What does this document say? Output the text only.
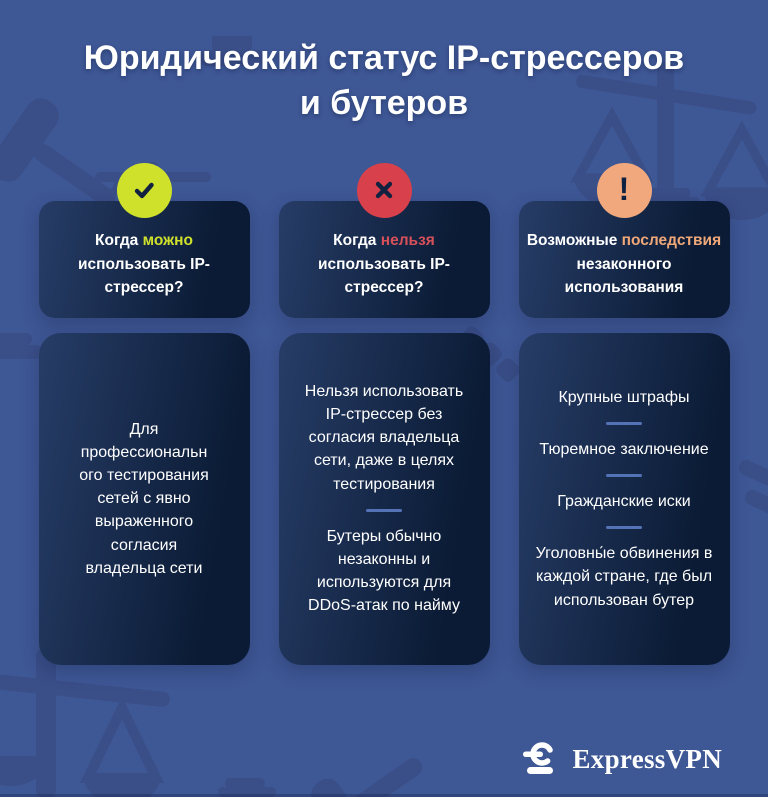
Юридический статус IP-стрессеров и бутеров

Когда можно использовать IP-стрессер?

Для профессионального тестирования сетей с явно выраженного согласия владельца сети

Когда нельзя использовать IP-стрессер?

Нельзя использовать IP-стрессер без согласия владельца сети, даже в целях тестирования

Бутеры обычно незаконны и используются для DDoS-атак по найму

!

Возможные последствия незаконного использования

Крупные штрафы

Тюремное заключение

Гражданские иски

Уголовны́е обвинения в каждой стране, где был использован бутер

ExpressVPN
